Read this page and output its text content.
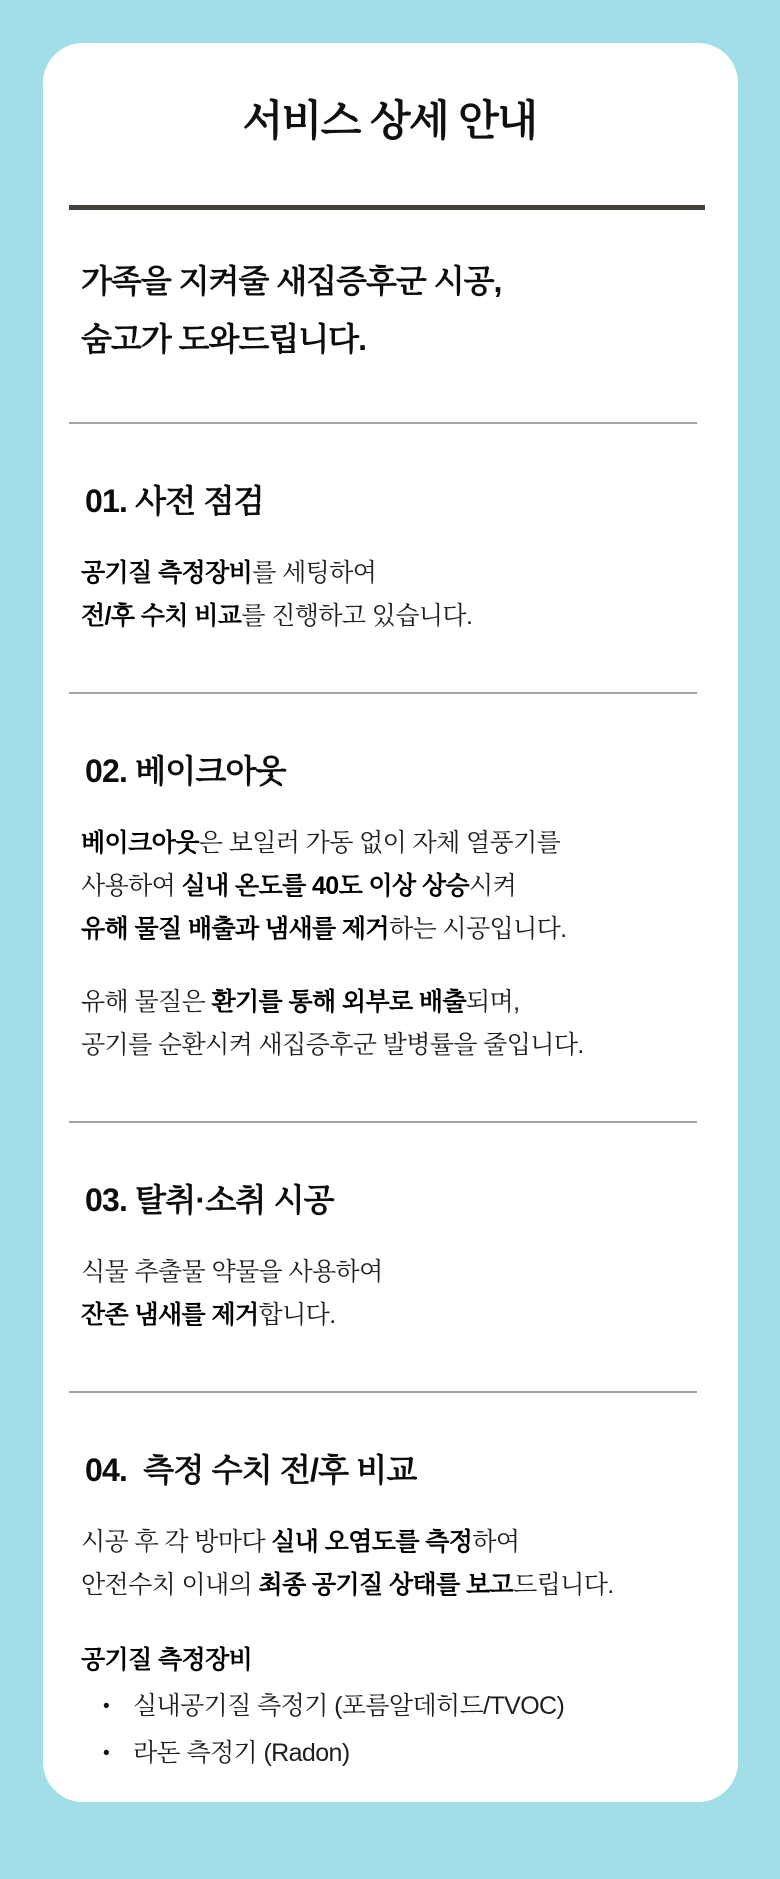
서비스 상세 안내
가족을 지켜줄 새집증후군 시공,
숨고가 도와드립니다.
01. 사전 점검
공기질 측정장비를 세팅하여
전/후 수치 비교를 진행하고 있습니다.
02. 베이크아웃
베이크아웃은 보일러 가동 없이 자체 열풍기를
사용하여 실내 온도를 40도 이상 상승시켜
유해 물질 배출과 냄새를 제거하는 시공입니다.
유해 물질은 환기를 통해 외부로 배출되며,
공기를 순환시켜 새집증후군 발병률을 줄입니다.
03. 탈취·소취 시공
식물 추출물 약물을 사용하여
잔존 냄새를 제거합니다.
04.  측정 수치 전/후 비교
시공 후 각 방마다 실내 오염도를 측정하여
안전수치 이내의 최종 공기질 상태를 보고드립니다.
공기질 측정장비
• 실내공기질 측정기 (포름알데히드/TVOC)
• 라돈 측정기 (Radon)
